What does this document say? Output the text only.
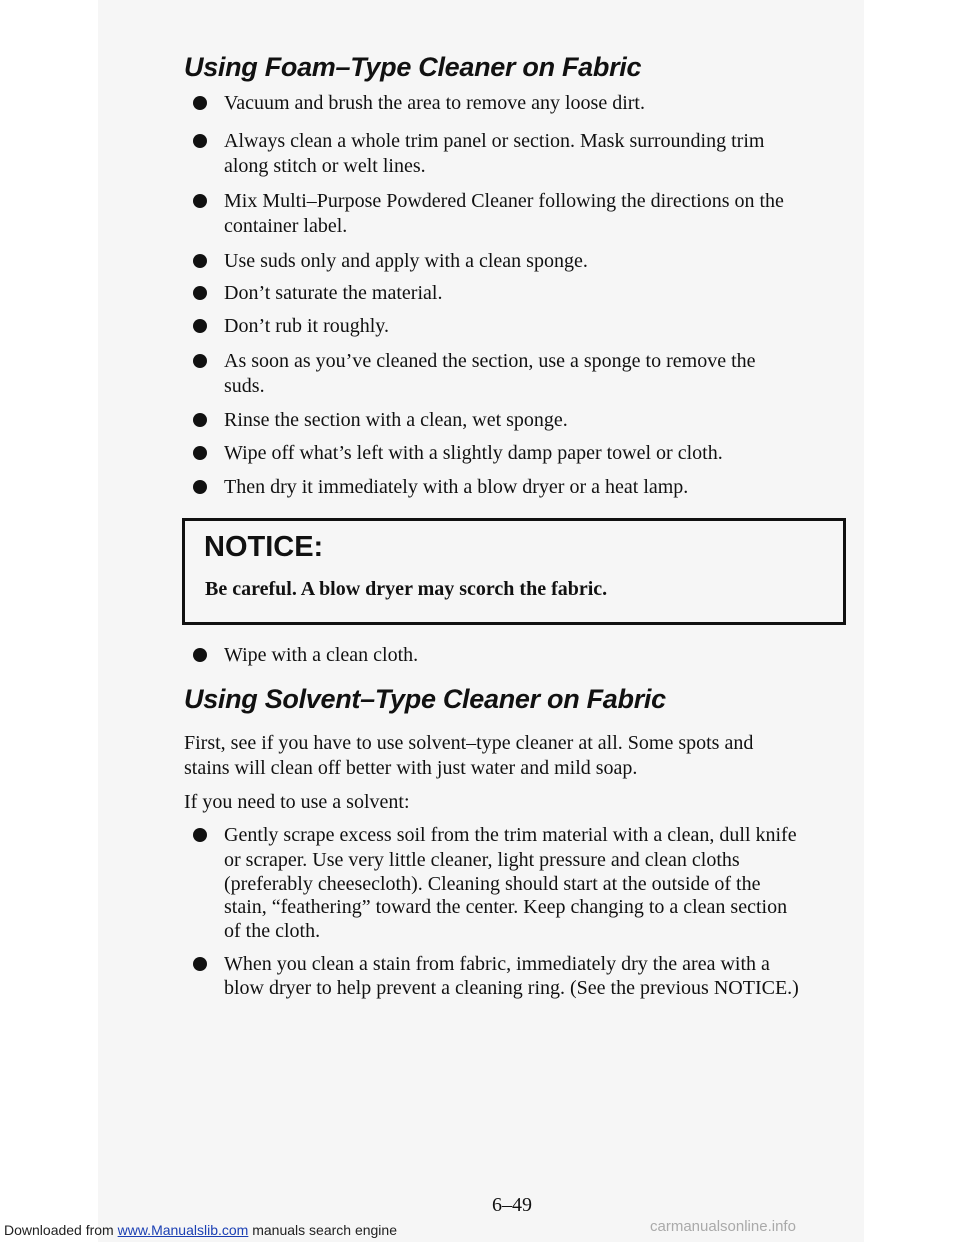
Using Foam–Type Cleaner on Fabric
Vacuum and brush the area to remove any loose dirt.
Always clean a whole trim panel or section. Mask surrounding trim
along stitch or welt lines.
Mix Multi–Purpose Powdered Cleaner following the directions on the
container label.
Use suds only and apply with a clean sponge.
Don’t saturate the material.
Don’t rub it roughly.
As soon as you’ve cleaned the section, use a sponge to remove the
suds.
Rinse the section with a clean, wet sponge.
Wipe off what’s left with a slightly damp paper towel or cloth.
Then dry it immediately with a blow dryer or a heat lamp.
NOTICE:
Be careful. A blow dryer may scorch the fabric.
Wipe with a clean cloth.
Using Solvent–Type Cleaner on Fabric
First, see if you have to use solvent–type cleaner at all. Some spots and
stains will clean off better with just water and mild soap.
If you need to use a solvent:
Gently scrape excess soil from the trim material with a clean, dull knife
or scraper. Use very little cleaner, light pressure and clean cloths
(preferably cheesecloth). Cleaning should start at the outside of the
stain, “feathering” toward the center. Keep changing to a clean section
of the cloth.
When you clean a stain from fabric, immediately dry the area with a
blow dryer to help prevent a cleaning ring. (See the previous NOTICE.)
6–49
Downloaded from www.Manualslib.com manuals search engine	carmanualsonline.info
